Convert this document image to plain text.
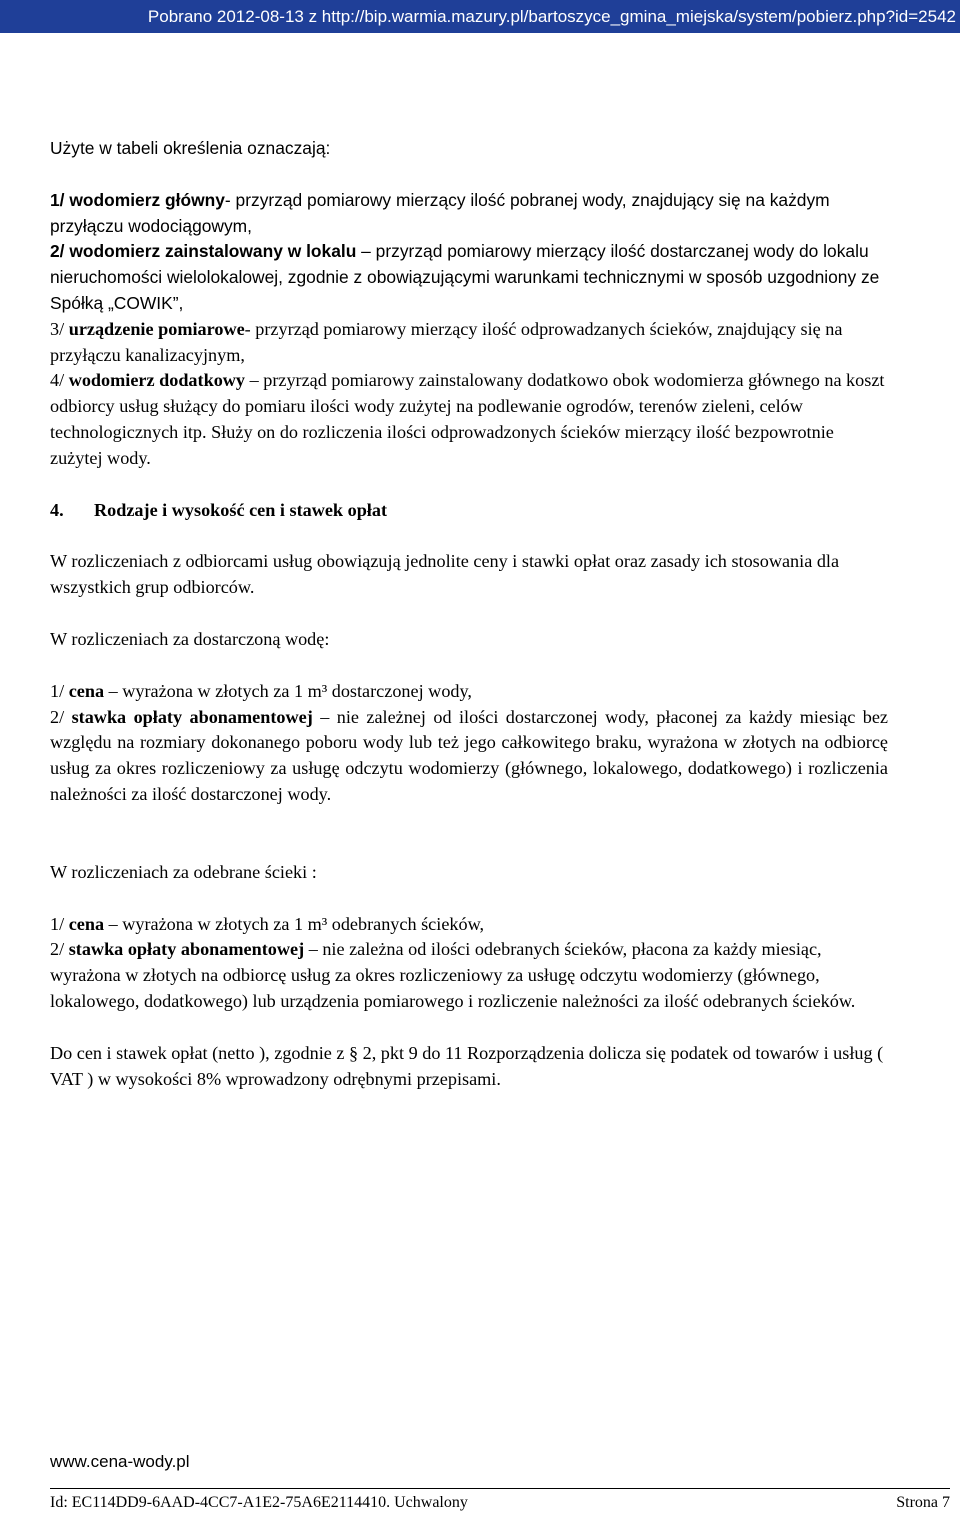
Pobrano 2012-08-13 z http://bip.warmia.mazury.pl/bartoszyce_gmina_miejska/system/pobierz.php?id=2542

Użyte w tabeli określenia oznaczają:

1/ wodomierz główny- przyrząd pomiarowy mierzący ilość pobranej wody, znajdujący się na każdym przyłączu wodociągowym,

2/ wodomierz zainstalowany w lokalu – przyrząd pomiarowy mierzący ilość dostarczanej wody do lokalu nieruchomości wielolokalowej, zgodnie z obowiązującymi warunkami technicznymi w sposób uzgodniony ze Spółką „COWIK”,

3/ urządzenie pomiarowe- przyrząd pomiarowy mierzący ilość odprowadzanych ścieków, znajdujący się na przyłączu kanalizacyjnym,

4/ wodomierz dodatkowy – przyrząd pomiarowy zainstalowany dodatkowo obok wodomierza głównego na koszt odbiorcy usług służący do pomiaru ilości wody zużytej na podlewanie ogrodów, terenów zieleni, celów technologicznych itp. Służy on do rozliczenia ilości odprowadzonych ścieków mierzący ilość bezpowrotnie zużytej wody.

4. Rodzaje i wysokość cen i stawek opłat

W rozliczeniach z odbiorcami usług obowiązują jednolite ceny i stawki opłat oraz zasady ich stosowania dla wszystkich grup odbiorców.

W rozliczeniach za dostarczoną wodę:

1/ cena – wyrażona w złotych za 1 m³ dostarczonej wody,

2/ stawka opłaty abonamentowej – nie zależnej od ilości dostarczonej wody, płaconej za każdy miesiąc bez względu na rozmiary dokonanego poboru wody lub też jego całkowitego braku, wyrażona w złotych na odbiorcę usług za okres rozliczeniowy za usługę odczytu wodomierzy (głównego, lokalowego, dodatkowego) i rozliczenia należności za ilość dostarczonej wody.

W rozliczeniach za odebrane ścieki :

1/ cena – wyrażona w złotych za 1 m³ odebranych ścieków,

2/ stawka opłaty abonamentowej – nie zależna od ilości odebranych ścieków, płacona za każdy miesiąc, wyrażona w złotych na odbiorcę usług za okres rozliczeniowy za usługę odczytu wodomierzy (głównego, lokalowego, dodatkowego) lub urządzenia pomiarowego i rozliczenie należności za ilość odebranych ścieków.

Do cen i stawek opłat (netto ), zgodnie z § 2, pkt 9 do 11 Rozporządzenia dolicza się podatek od towarów i usług ( VAT ) w wysokości 8% wprowadzony odrębnymi przepisami.

www.cena-wody.pl
Id: EC114DD9-6AAD-4CC7-A1E2-75A6E2114410. Uchwalony	Strona 7
